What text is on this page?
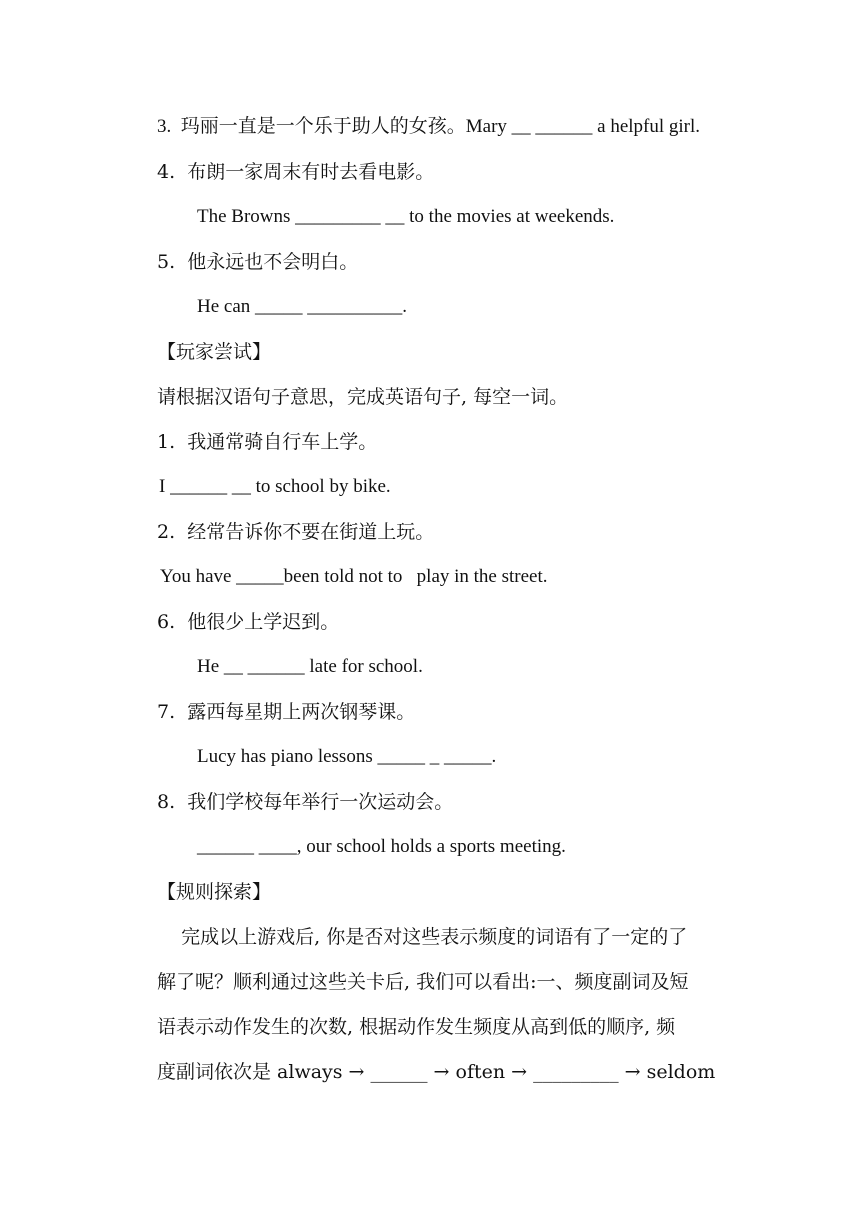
3.  玛丽一直是一个乐于助人的女孩。Mary __ ______ a helpful girl.
4.  布朗一家周末有时去看电影。
The Browns _________ __ to the movies at weekends.
5.  他永远也不会明白。
He can _____ __________.
【玩家尝试】
请根据汉语句子意思，完成英语句子, 每空一词。
1.  我通常骑自行车上学。
I ______ __ to school by bike.
2.  经常告诉你不要在街道上玩。
You have _____been told not to   play in the street.
6.  他很少上学迟到。
He __ ______ late for school.
7.  露西每星期上两次钢琴课。
Lucy has piano lessons _____ _ _____.
8.  我们学校每年举行一次运动会。
______ ____, our school holds a sports meeting.
【规则探索】
完成以上游戏后, 你是否对这些表示频度的词语有了一定的了
解了呢？顺利通过这些关卡后, 我们可以看出:一、频度副词及短
语表示动作发生的次数, 根据动作发生频度从高到低的顺序, 频
度副词依次是 always → ______ → often → _________ → seldom
